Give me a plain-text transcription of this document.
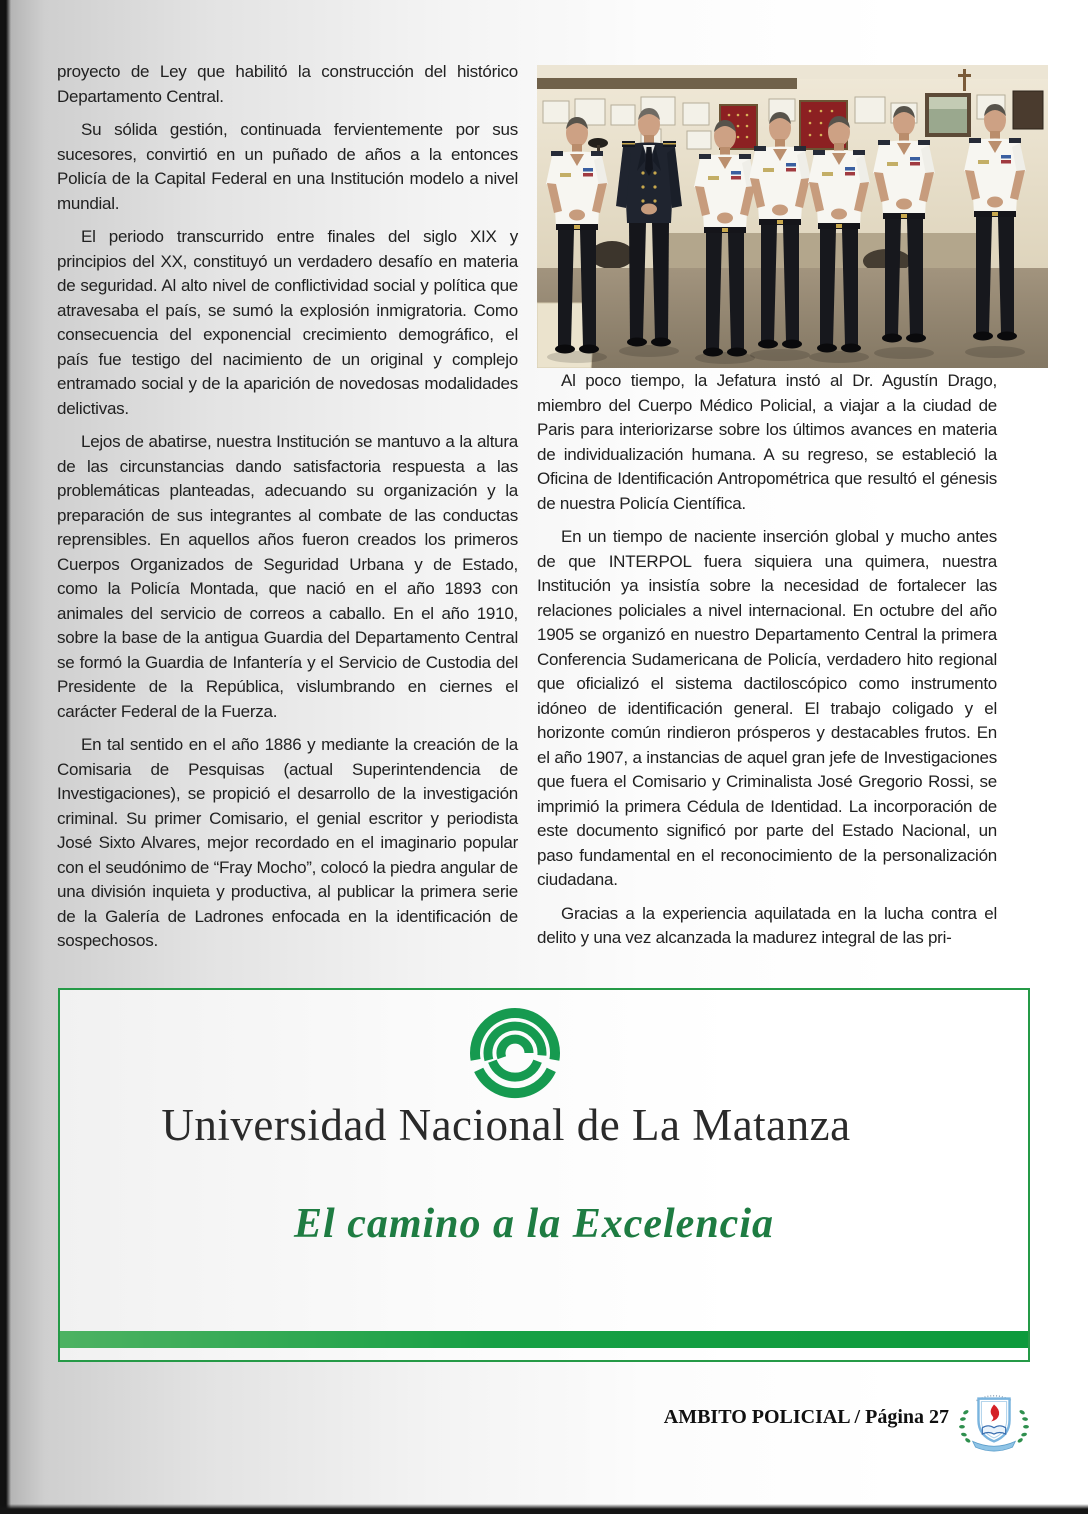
proyecto de Ley que habilitó la construcción del histórico Departamento Central.

Su sólida gestión, continuada fervientemente por sus sucesores, convirtió en un puñado de años a la entonces Policía de la Capital Federal en una Institución modelo a nivel mundial.

El periodo transcurrido entre finales del siglo XIX y principios del XX, constituyó un verdadero desafío en materia de seguridad. Al alto nivel de conflictividad social y política que atravesaba el país, se sumó la explosión inmigratoria. Como consecuencia del exponencial crecimiento demográfico, el país fue testigo del nacimiento de un original y complejo entramado social y de la aparición de novedosas modalidades delictivas.

Lejos de abatirse, nuestra Institución se mantuvo a la altura de las circunstancias dando satisfactoria respuesta a las problemáticas planteadas, adecuando su organización y la preparación de sus integrantes al combate de las conductas reprensibles. En aquellos años fueron creados los primeros Cuerpos Organizados de Seguridad Urbana y de Estado, como la Policía Montada, que nació en el año 1893 con animales del servicio de correos a caballo. En el año 1910, sobre la base de la antigua Guardia del Departamento Central se formó la Guardia de Infantería y el Servicio de Custodia del Presidente de la República, vislumbrando en ciernes el carácter Federal de la Fuerza.

En tal sentido en el año 1886 y mediante la creación de la Comisaria de Pesquisas (actual Superintendencia de Investigaciones), se propició el desarrollo de la investigación criminal. Su primer Comisario, el genial escritor y periodista José Sixto Alvares, mejor recordado en el imaginario popular con el seudónimo de “Fray Mocho”, colocó la piedra angular de una división inquieta y productiva, al publicar la primera serie de la Galería de Ladrones enfocada en la identificación de sospechosos.

Al poco tiempo, la Jefatura instó al Dr. Agustín Drago, miembro del Cuerpo Médico Policial, a viajar a la ciudad de Paris para interiorizarse sobre los últimos avances en materia de individualización humana. A su regreso, se estableció la Oficina de Identificación Antropométrica que resultó el génesis de nuestra Policía Científica.

En un tiempo de naciente inserción global y mucho antes de que INTERPOL fuera siquiera una quimera, nuestra Institución ya insistía sobre la necesidad de fortalecer las relaciones policiales a nivel internacional. En octubre del año 1905 se organizó en nuestro Departamento Central la primera Conferencia Sudamericana de Policía, verdadero hito regional que oficializó el sistema dactiloscópico como instrumento idóneo de identificación general. El trabajo coligado y el horizonte común rindieron prósperos y destacables frutos. En el año 1907, a instancias de aquel gran jefe de Investigaciones que fuera el Comisario y Criminalista José Gregorio Rossi, se imprimió la primera Cédula de Identidad. La incorporación de este documento significó por parte del Estado Nacional, un paso fundamental en el reconocimiento de la personalización ciudadana.

Gracias a la experiencia aquilatada en la lucha contra el delito y una vez alcanzada la madurez integral de las pri-

Universidad Nacional de La Matanza
El camino a la Excelencia
AMBITO POLICIAL / Página 27
